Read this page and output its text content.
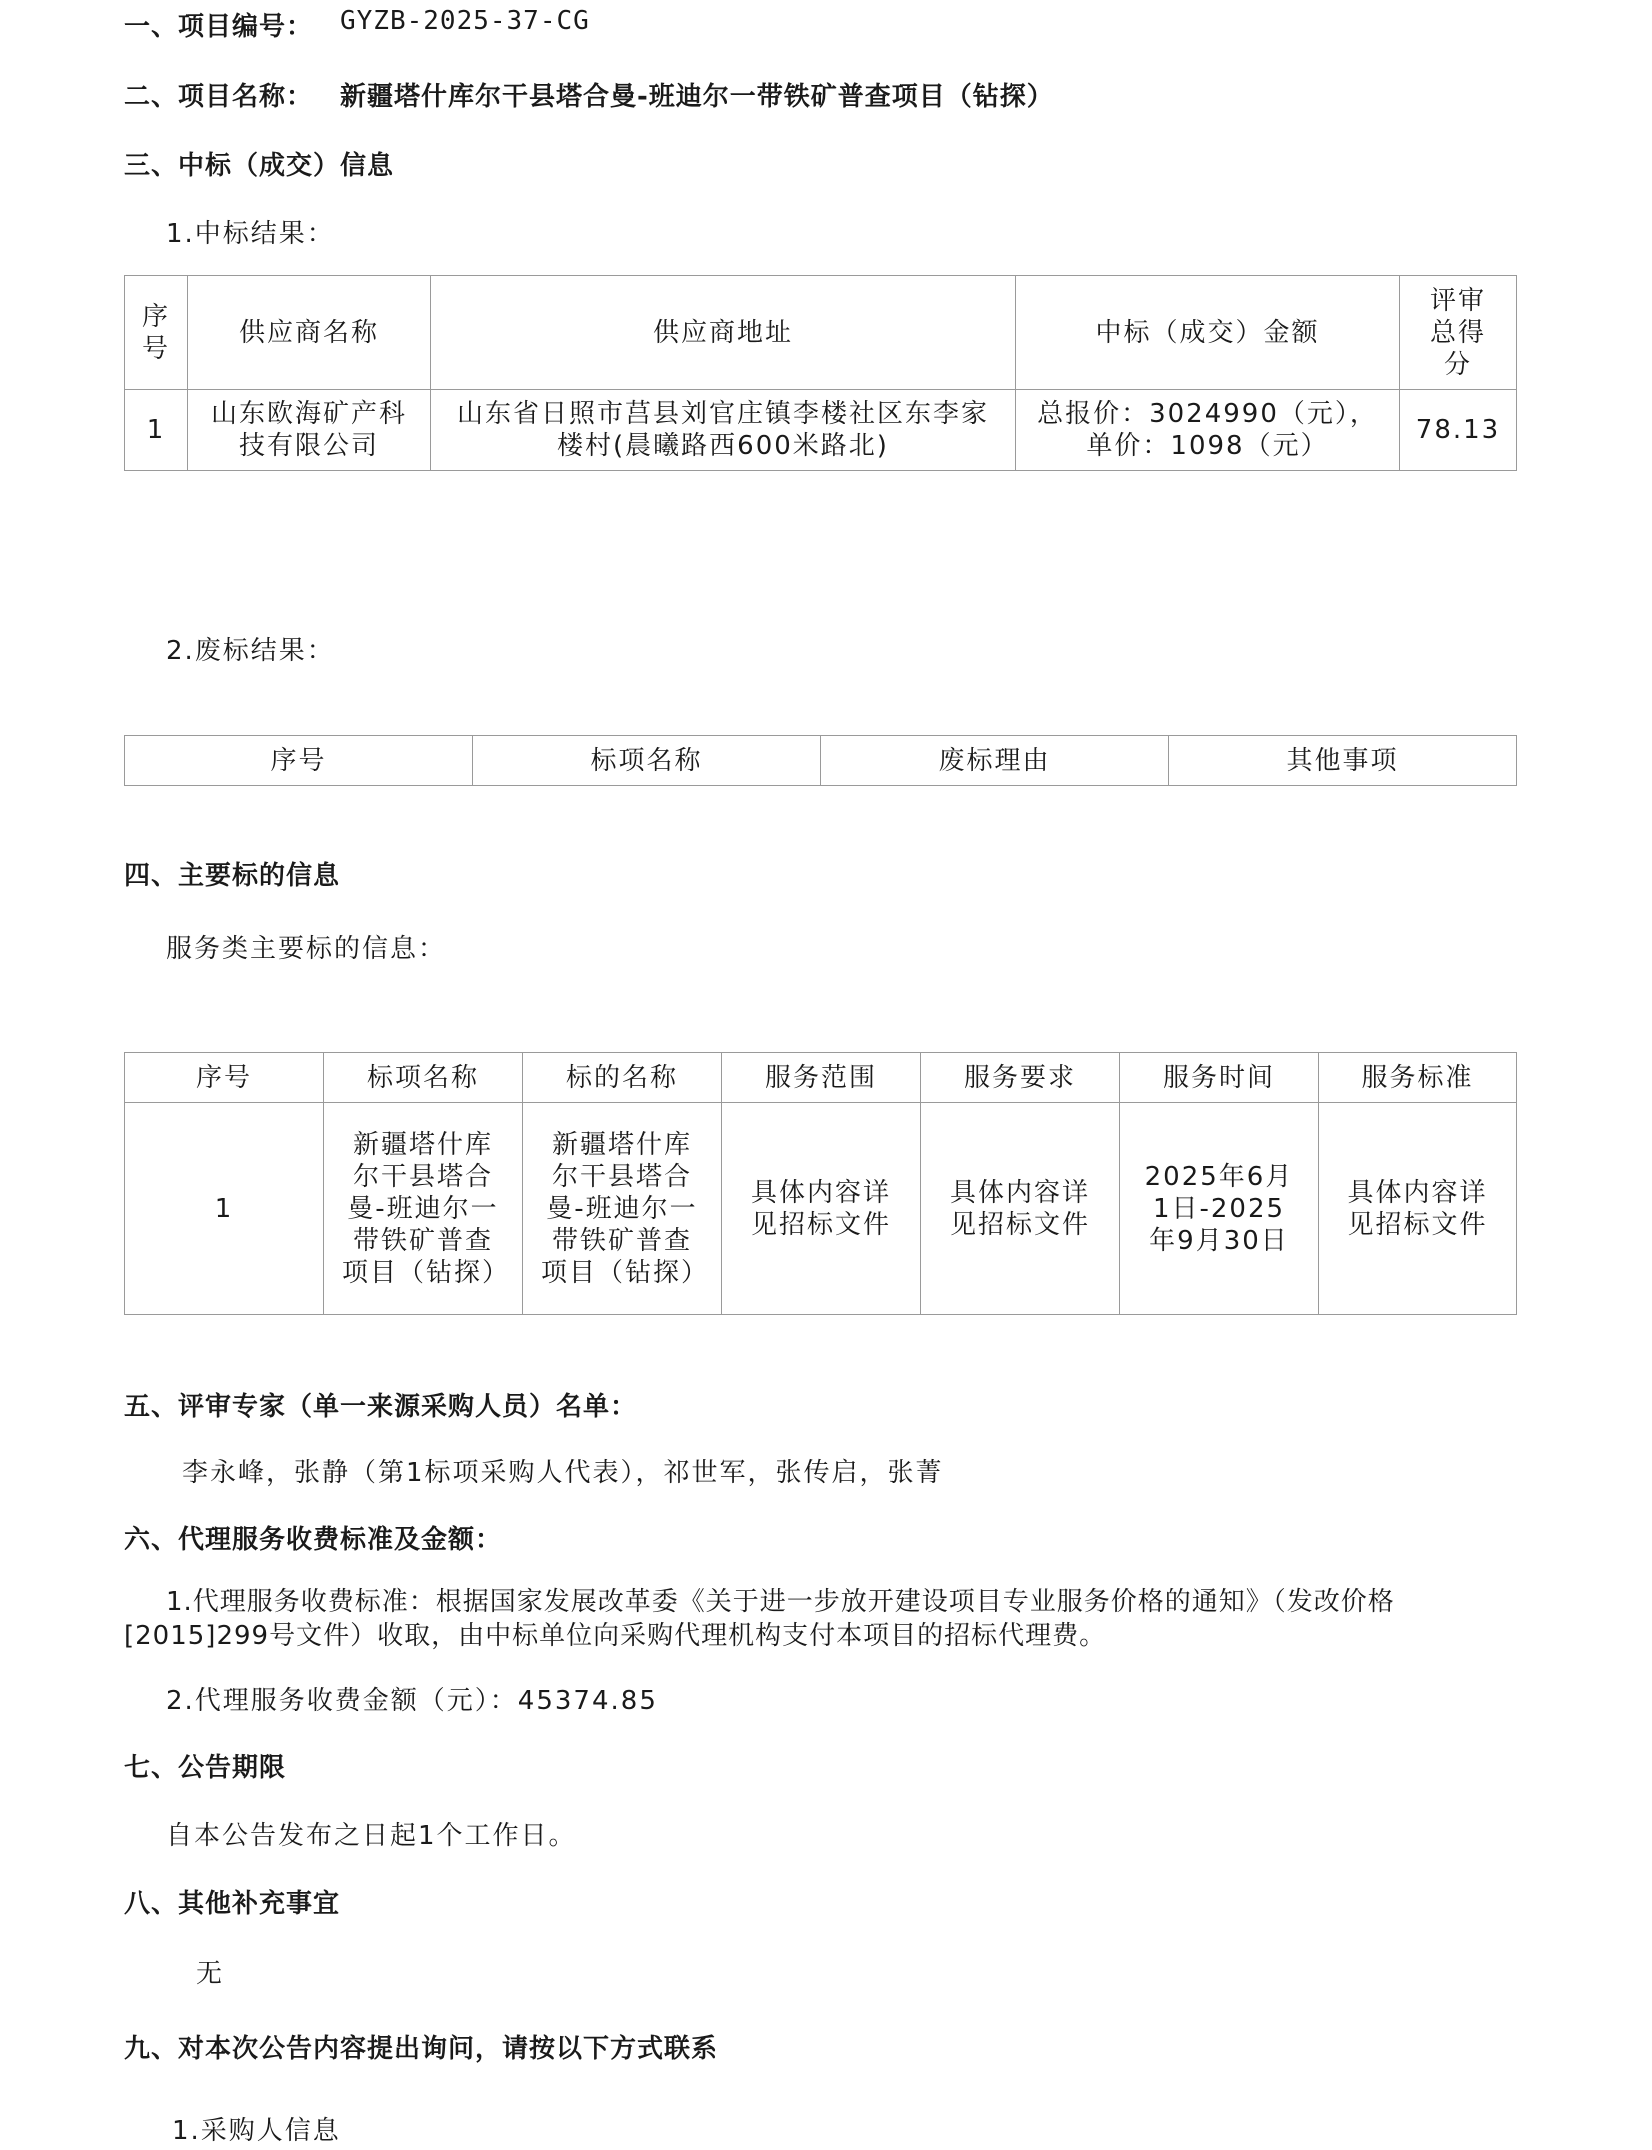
一、项目编号： GYZB-2025-37-CG
二、项目名称： 新疆塔什库尔干县塔合曼-班迪尔一带铁矿普查项目（钻探）
三、中标（成交）信息
1.中标结果：
序号	供应商名称	供应商地址	中标（成交）金额	评审总得分
1	山东欧海矿产科技有限公司	山东省日照市莒县刘官庄镇李楼社区东李家楼村(晨曦路西600米路北)	总报价：3024990（元），
单价：1098（元）	78.13
2.废标结果：
序号	标项名称	废标理由	其他事项
四、主要标的信息
服务类主要标的信息：
序号	标项名称	标的名称	服务范围	服务要求	服务时间	服务标准
1	新疆塔什库尔干县塔合曼-班迪尔一带铁矿普查项目（钻探）	新疆塔什库尔干县塔合曼-班迪尔一带铁矿普查项目（钻探）	具体内容详见招标文件	具体内容详见招标文件	2025年6月1日-2025年9月30日	具体内容详见招标文件
五、评审专家（单一来源采购人员）名单：
李永峰，张静（第1标项采购人代表），祁世军，张传启，张菁
六、代理服务收费标准及金额：
1.代理服务收费标准：根据国家发展改革委《关于进一步放开建设项目专业服务价格的通知》（发改价格[2015]299号文件）收取，由中标单位向采购代理机构支付本项目的招标代理费。
2.代理服务收费金额（元）：45374.85
七、公告期限
自本公告发布之日起1个工作日。
八、其他补充事宜
无
九、对本次公告内容提出询问，请按以下方式联系
1.采购人信息
